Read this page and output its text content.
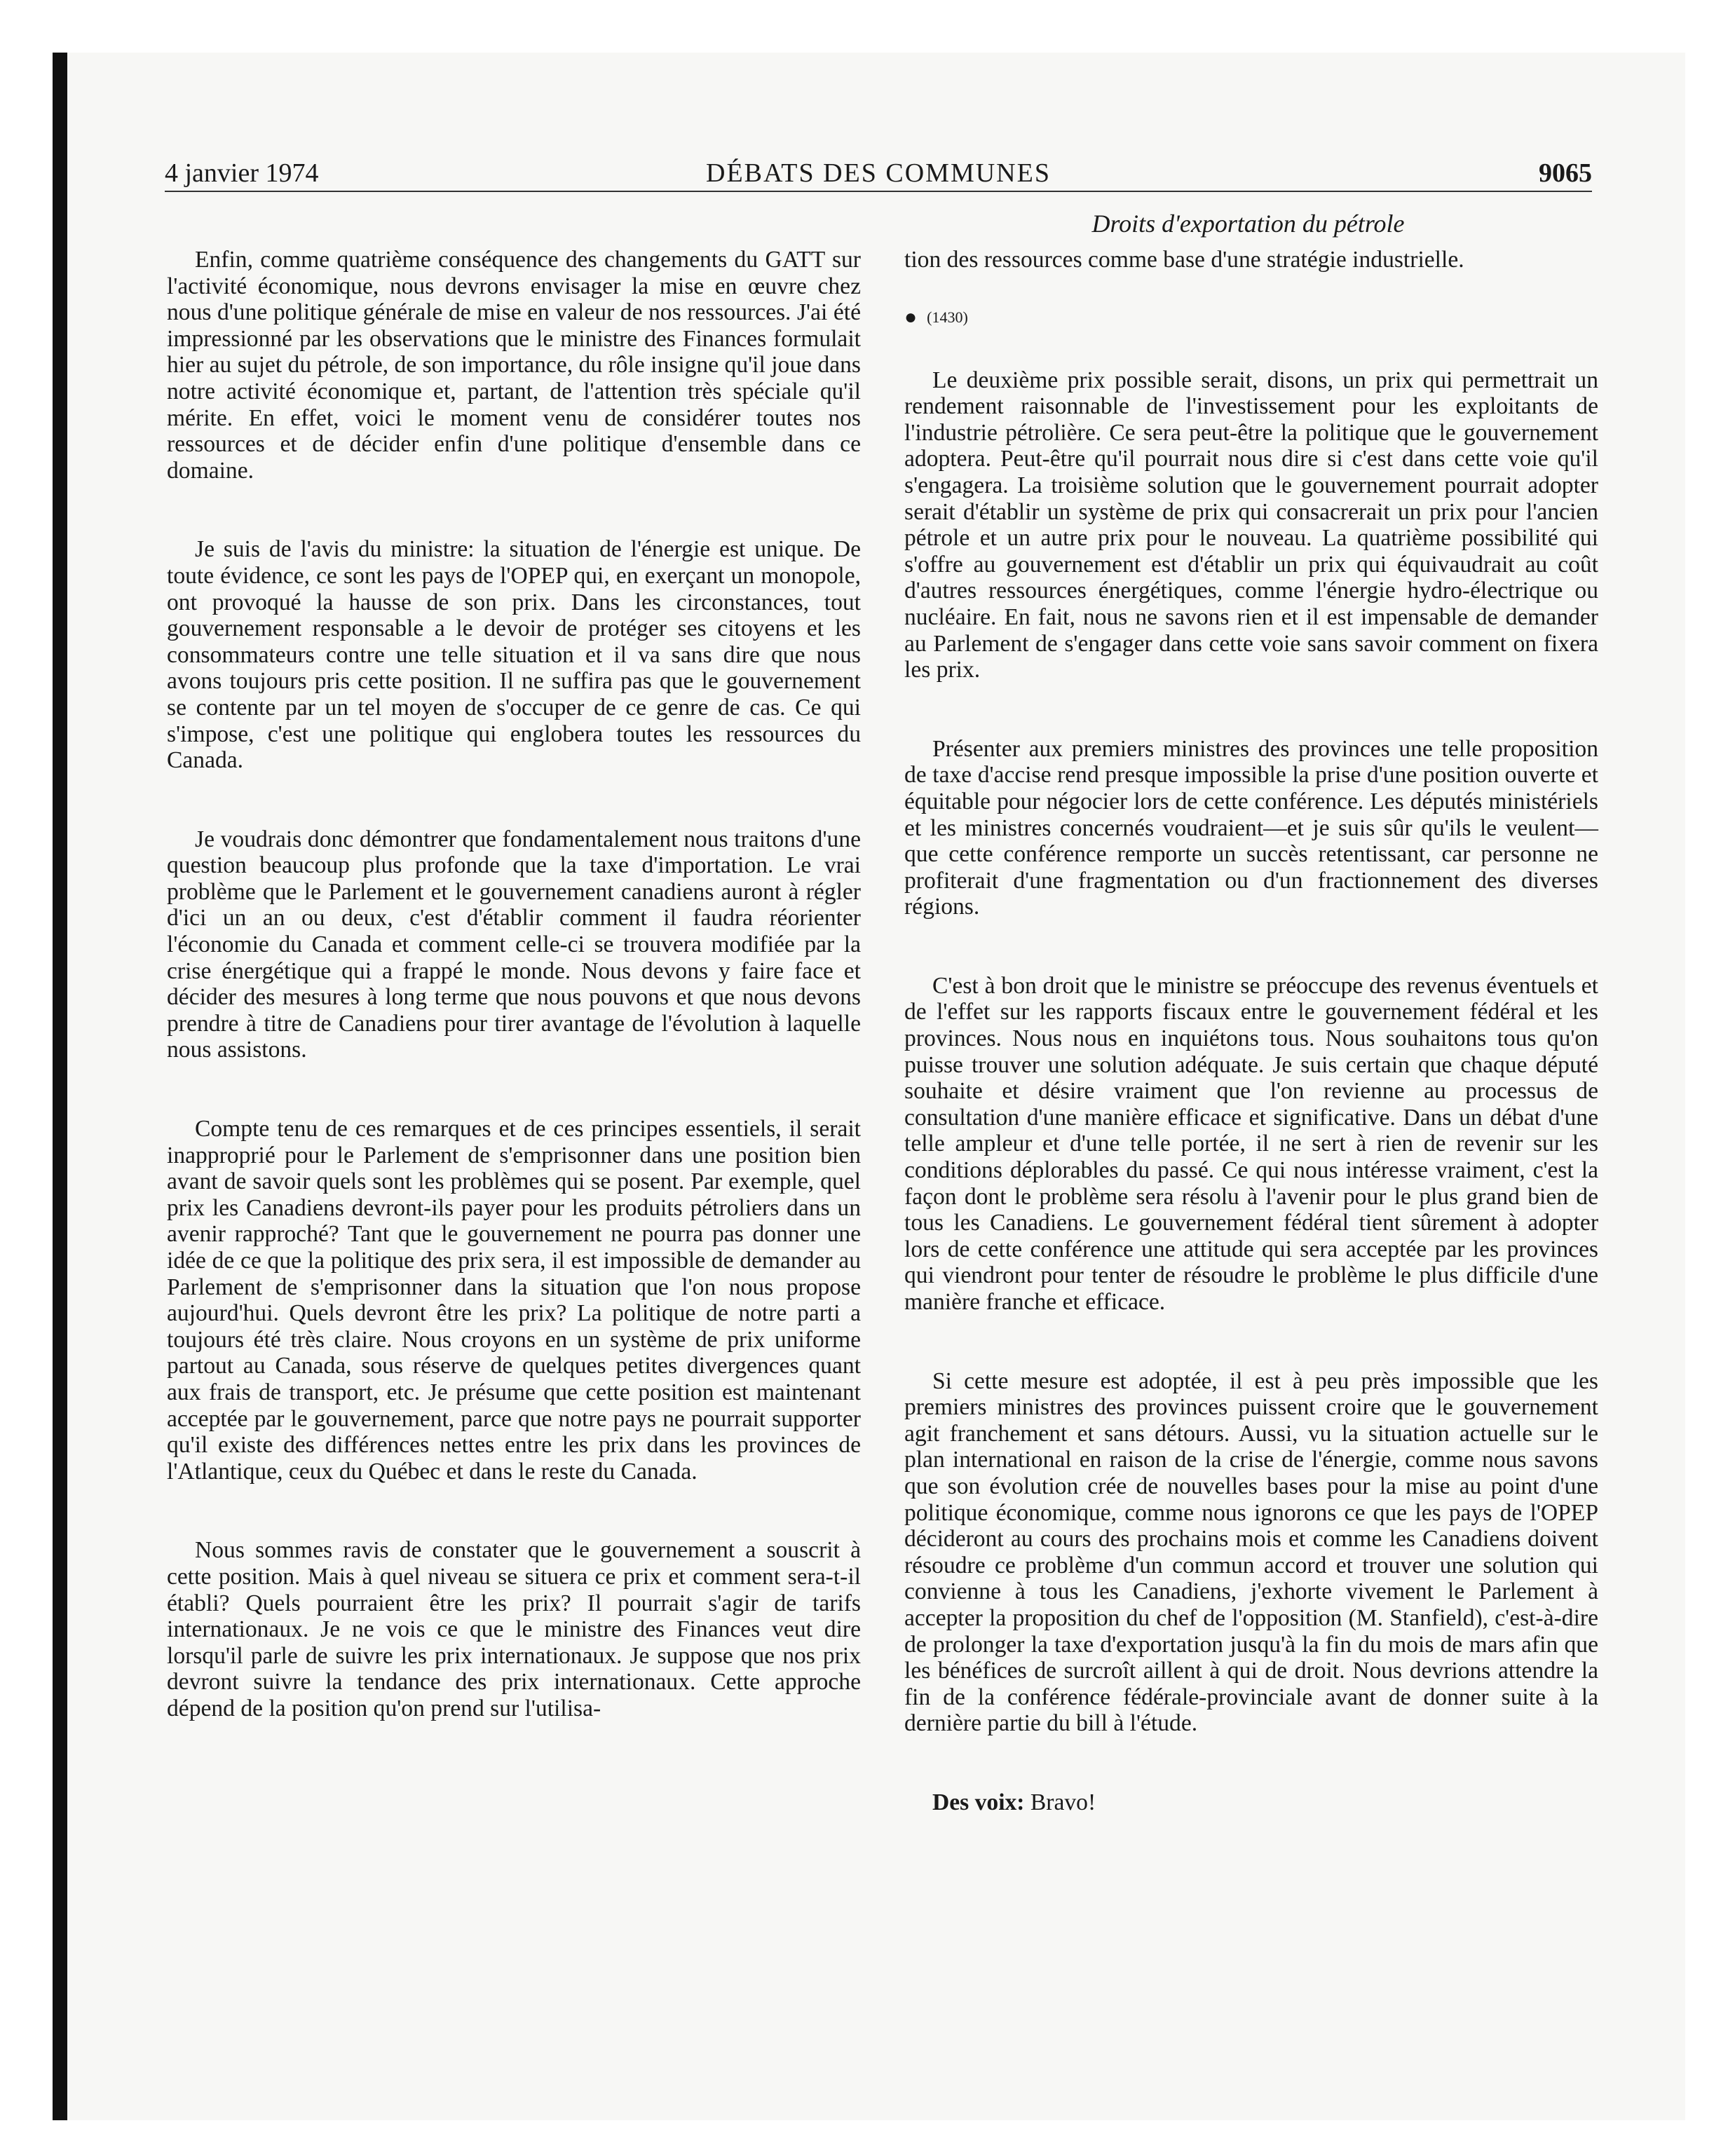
4 janvier 1974	DÉBATS DES COMMUNES	9065
Droits d'exportation du pétrole

Enfin, comme quatrième conséquence des changements du GATT sur l'activité économique, nous devrons envisager la mise en œuvre chez nous d'une politique générale de mise en valeur de nos ressources. J'ai été impressionné par les observations que le ministre des Finances formulait hier au sujet du pétrole, de son importance, du rôle insigne qu'il joue dans notre activité économique et, partant, de l'attention très spéciale qu'il mérite. En effet, voici le moment venu de considérer toutes nos ressources et de décider enfin d'une politique d'ensemble dans ce domaine.

Je suis de l'avis du ministre: la situation de l'énergie est unique. De toute évidence, ce sont les pays de l'OPEP qui, en exerçant un monopole, ont provoqué la hausse de son prix. Dans les circonstances, tout gouvernement responsable a le devoir de protéger ses citoyens et les consommateurs contre une telle situation et il va sans dire que nous avons toujours pris cette position. Il ne suffira pas que le gouvernement se contente par un tel moyen de s'occuper de ce genre de cas. Ce qui s'impose, c'est une politique qui englobera toutes les ressources du Canada.

Je voudrais donc démontrer que fondamentalement nous traitons d'une question beaucoup plus profonde que la taxe d'importation. Le vrai problème que le Parlement et le gouvernement canadiens auront à régler d'ici un an ou deux, c'est d'établir comment il faudra réorienter l'économie du Canada et comment celle-ci se trouvera modifiée par la crise énergétique qui a frappé le monde. Nous devons y faire face et décider des mesures à long terme que nous pouvons et que nous devons prendre à titre de Canadiens pour tirer avantage de l'évolution à laquelle nous assistons.

Compte tenu de ces remarques et de ces principes essentiels, il serait inapproprié pour le Parlement de s'emprisonner dans une position bien avant de savoir quels sont les problèmes qui se posent. Par exemple, quel prix les Canadiens devront-ils payer pour les produits pétroliers dans un avenir rapproché? Tant que le gouvernement ne pourra pas donner une idée de ce que la politique des prix sera, il est impossible de demander au Parlement de s'emprisonner dans la situation que l'on nous propose aujourd'hui. Quels devront être les prix? La politique de notre parti a toujours été très claire. Nous croyons en un système de prix uniforme partout au Canada, sous réserve de quelques petites divergences quant aux frais de transport, etc. Je présume que cette position est maintenant acceptée par le gouvernement, parce que notre pays ne pourrait supporter qu'il existe des différences nettes entre les prix dans les provinces de l'Atlantique, ceux du Québec et dans le reste du Canada.

Nous sommes ravis de constater que le gouvernement a souscrit à cette position. Mais à quel niveau se situera ce prix et comment sera-t-il établi? Quels pourraient être les prix? Il pourrait s'agir de tarifs internationaux. Je ne vois ce que le ministre des Finances veut dire lorsqu'il parle de suivre les prix internationaux. Je suppose que nos prix devront suivre la tendance des prix internationaux. Cette approche dépend de la position qu'on prend sur l'utilisa-

tion des ressources comme base d'une stratégie industrielle.

● (1430)

Le deuxième prix possible serait, disons, un prix qui permettrait un rendement raisonnable de l'investissement pour les exploitants de l'industrie pétrolière. Ce sera peut-être la politique que le gouvernement adoptera. Peut-être qu'il pourrait nous dire si c'est dans cette voie qu'il s'engagera. La troisième solution que le gouvernement pourrait adopter serait d'établir un système de prix qui consacrerait un prix pour l'ancien pétrole et un autre prix pour le nouveau. La quatrième possibilité qui s'offre au gouvernement est d'établir un prix qui équivaudrait au coût d'autres ressources énergétiques, comme l'énergie hydro-électrique ou nucléaire. En fait, nous ne savons rien et il est impensable de demander au Parlement de s'engager dans cette voie sans savoir comment on fixera les prix.

Présenter aux premiers ministres des provinces une telle proposition de taxe d'accise rend presque impossible la prise d'une position ouverte et équitable pour négocier lors de cette conférence. Les députés ministériels et les ministres concernés voudraient—et je suis sûr qu'ils le veulent—que cette conférence remporte un succès retentissant, car personne ne profiterait d'une fragmentation ou d'un fractionnement des diverses régions.

C'est à bon droit que le ministre se préoccupe des revenus éventuels et de l'effet sur les rapports fiscaux entre le gouvernement fédéral et les provinces. Nous nous en inquiétons tous. Nous souhaitons tous qu'on puisse trouver une solution adéquate. Je suis certain que chaque député souhaite et désire vraiment que l'on revienne au processus de consultation d'une manière efficace et significative. Dans un débat d'une telle ampleur et d'une telle portée, il ne sert à rien de revenir sur les conditions déplorables du passé. Ce qui nous intéresse vraiment, c'est la façon dont le problème sera résolu à l'avenir pour le plus grand bien de tous les Canadiens. Le gouvernement fédéral tient sûrement à adopter lors de cette conférence une attitude qui sera acceptée par les provinces qui viendront pour tenter de résoudre le problème le plus difficile d'une manière franche et efficace.

Si cette mesure est adoptée, il est à peu près impossible que les premiers ministres des provinces puissent croire que le gouvernement agit franchement et sans détours. Aussi, vu la situation actuelle sur le plan international en raison de la crise de l'énergie, comme nous savons que son évolution crée de nouvelles bases pour la mise au point d'une politique économique, comme nous ignorons ce que les pays de l'OPEP décideront au cours des prochains mois et comme les Canadiens doivent résoudre ce problème d'un commun accord et trouver une solution qui convienne à tous les Canadiens, j'exhorte vivement le Parlement à accepter la proposition du chef de l'opposition (M. Stanfield), c'est-à-dire de prolonger la taxe d'exportation jusqu'à la fin du mois de mars afin que les bénéfices de surcroît aillent à qui de droit. Nous devrions attendre la fin de la conférence fédérale-provinciale avant de donner suite à la dernière partie du bill à l'étude.

Des voix: Bravo!
